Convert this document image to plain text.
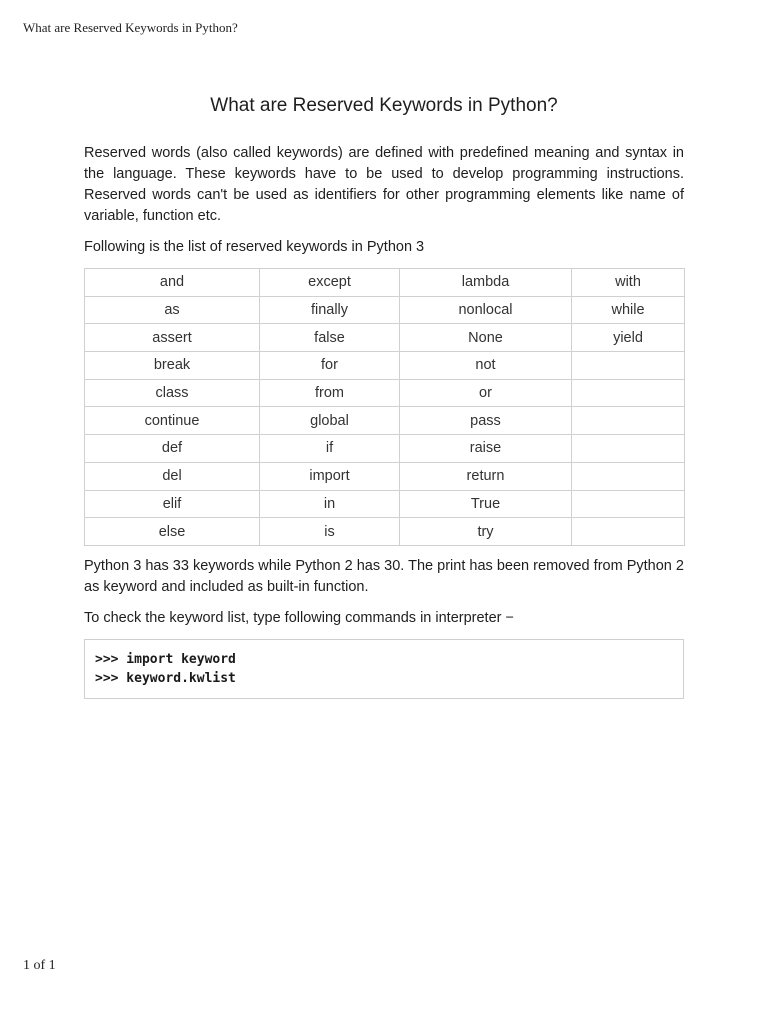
What are Reserved Keywords in Python?
What are Reserved Keywords in Python?

Reserved words (also called keywords) are defined with predefined meaning and syntax in the language. These keywords have to be used to develop programming instructions. Reserved words can't be used as identifiers for other programming elements like name of variable, function etc.

Following is the list of reserved keywords in Python 3

and	except	lambda	with
as	finally	nonlocal	while
assert	false	None	yield
break	for	not	
class	from	or	
continue	global	pass	
def	if	raise	
del	import	return	
elif	in	True	
else	is	try	

Python 3 has 33 keywords while Python 2 has 30. The print has been removed from Python 2 as keyword and included as built-in function.

To check the keyword list, type following commands in interpreter −

>>> import keyword
>>> keyword.kwlist
1 of 1
